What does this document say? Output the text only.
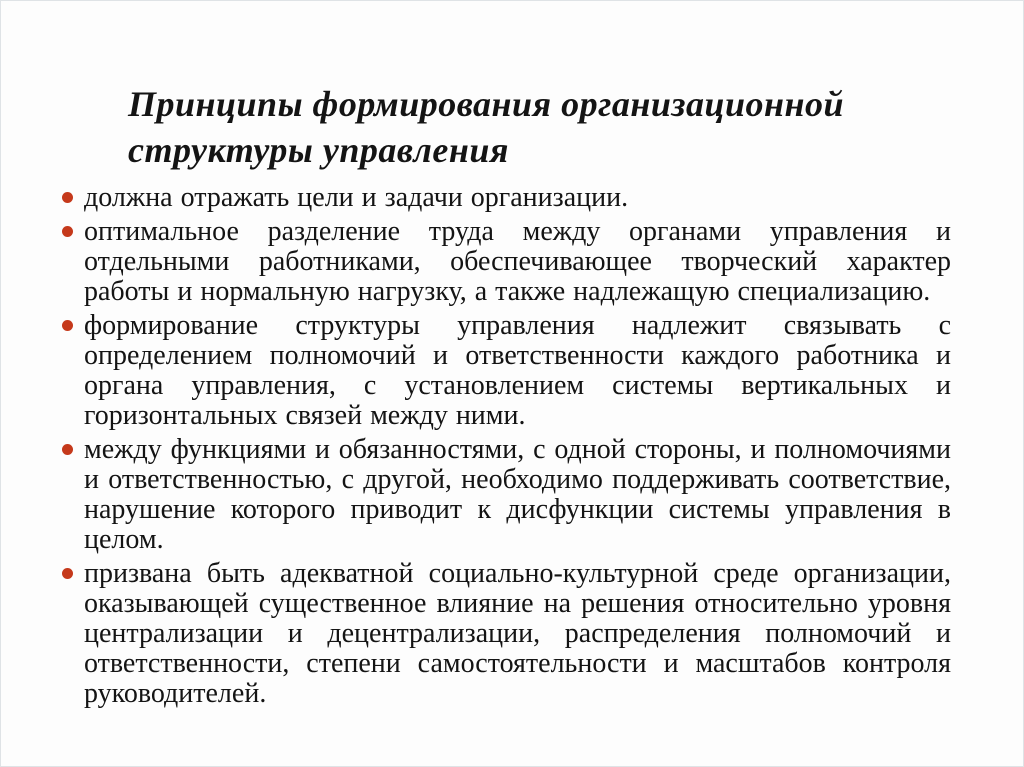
Принципы формирования организационной
структуры управления
должна отражать цели и задачи организации.
оптимальное разделение труда между органами управления и отдельными работниками, обеспечивающее творческий характер работы и нормальную нагрузку, а также надлежащую специализацию.
формирование структуры управления надлежит связывать с определением полномочий и ответственности каждого работника и органа управления, с установлением системы вертикальных и горизонтальных связей между ними.
между функциями и обязанностями, с одной стороны, и полномочиями и ответственностью, с другой, необходимо поддерживать соответствие, нарушение которого приводит к дисфункции системы управления в целом.
призвана быть адекватной социально-культурной среде организации, оказывающей существенное влияние на решения относительно уровня централизации и децентрализации, распределения полномочий и ответственности, степени самостоятельности и масштабов контроля руководителей.
